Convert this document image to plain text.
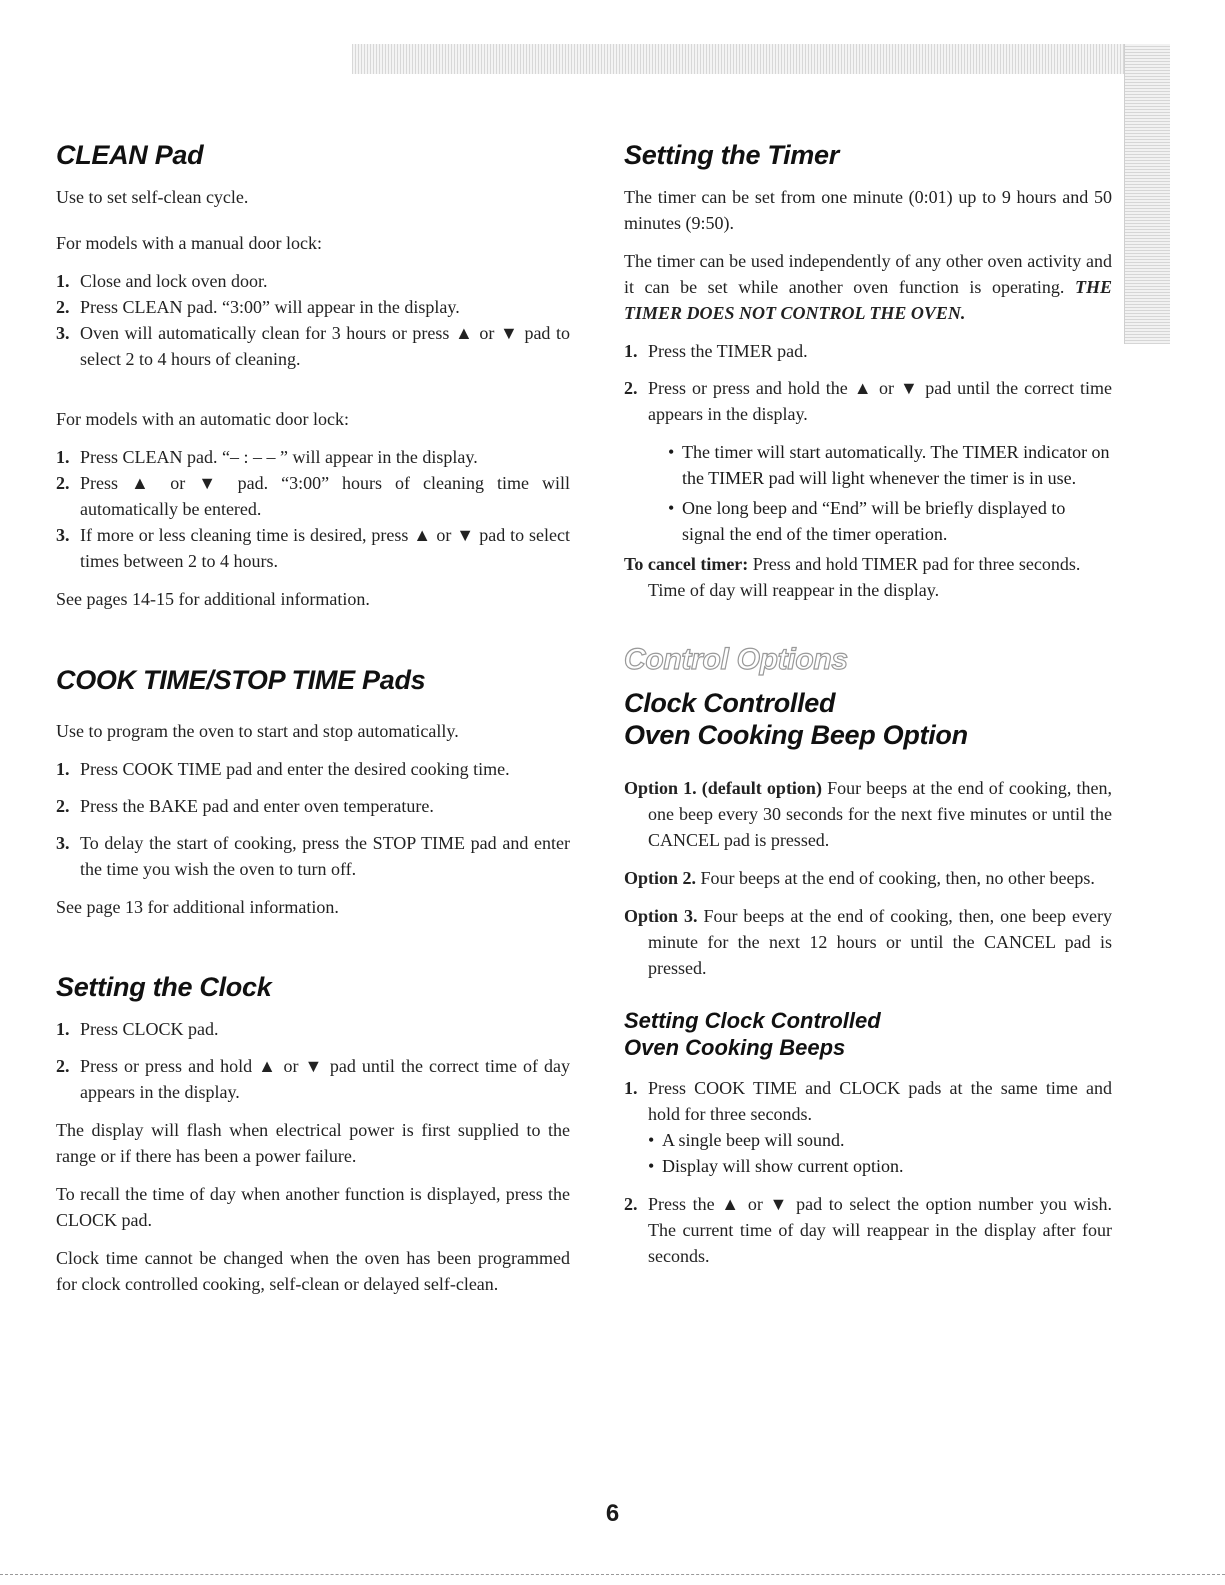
CLEAN Pad

Use to set self-clean cycle.

For models with a manual door lock:

1. Close and lock oven door.
2. Press CLEAN pad. “3:00” will appear in the display.
3. Oven will automatically clean for 3 hours or press ▲ or ▼ pad to select 2 to 4 hours of cleaning.

For models with an automatic door lock:

1. Press CLEAN pad. “– : – – ” will appear in the display.
2. Press ▲ or ▼ pad. “3:00” hours of cleaning time will automatically be entered.
3. If more or less cleaning time is desired, press ▲ or ▼ pad to select times between 2 to 4 hours.

See pages 14-15 for additional information.

COOK TIME/STOP TIME Pads

Use to program the oven to start and stop automatically.

1. Press COOK TIME pad and enter the desired cooking time.
2. Press the BAKE pad and enter oven temperature.
3. To delay the start of cooking, press the STOP TIME pad and enter the time you wish the oven to turn off.

See page 13 for additional information.

Setting the Clock
1. Press CLOCK pad.
2. Press or press and hold ▲ or ▼ pad until the correct time of day appears in the display.

The display will flash when electrical power is first supplied to the range or if there has been a power failure.

To recall the time of day when another function is displayed, press the CLOCK pad.

Clock time cannot be changed when the oven has been programmed for clock controlled cooking, self-clean or delayed self-clean.

Setting the Timer

The timer can be set from one minute (0:01) up to 9 hours and 50 minutes (9:50).

The timer can be used independently of any other oven activity and it can be set while another oven function is operating. THE TIMER DOES NOT CONTROL THE OVEN.

1. Press the TIMER pad.
2. Press or press and hold the ▲ or ▼ pad until the correct time appears in the display.
• The timer will start automatically. The TIMER indicator on the TIMER pad will light whenever the timer is in use.
• One long beep and “End” will be briefly displayed to signal the end of the timer operation.

To cancel timer: Press and hold TIMER pad for three seconds. Time of day will reappear in the display.

Control Options
Clock Controlled
Oven Cooking Beep Option

Option 1. (default option) Four beeps at the end of cooking, then, one beep every 30 seconds for the next five minutes or until the CANCEL pad is pressed.

Option 2. Four beeps at the end of cooking, then, no other beeps.

Option 3. Four beeps at the end of cooking, then, one beep every minute for the next 12 hours or until the CANCEL pad is pressed.

Setting Clock Controlled
Oven Cooking Beeps
1. Press COOK TIME and CLOCK pads at the same time and hold for three seconds.
• A single beep will sound.
• Display will show current option.
2. Press the ▲ or ▼ pad to select the option number you wish. The current time of day will reappear in the display after four seconds.
6
